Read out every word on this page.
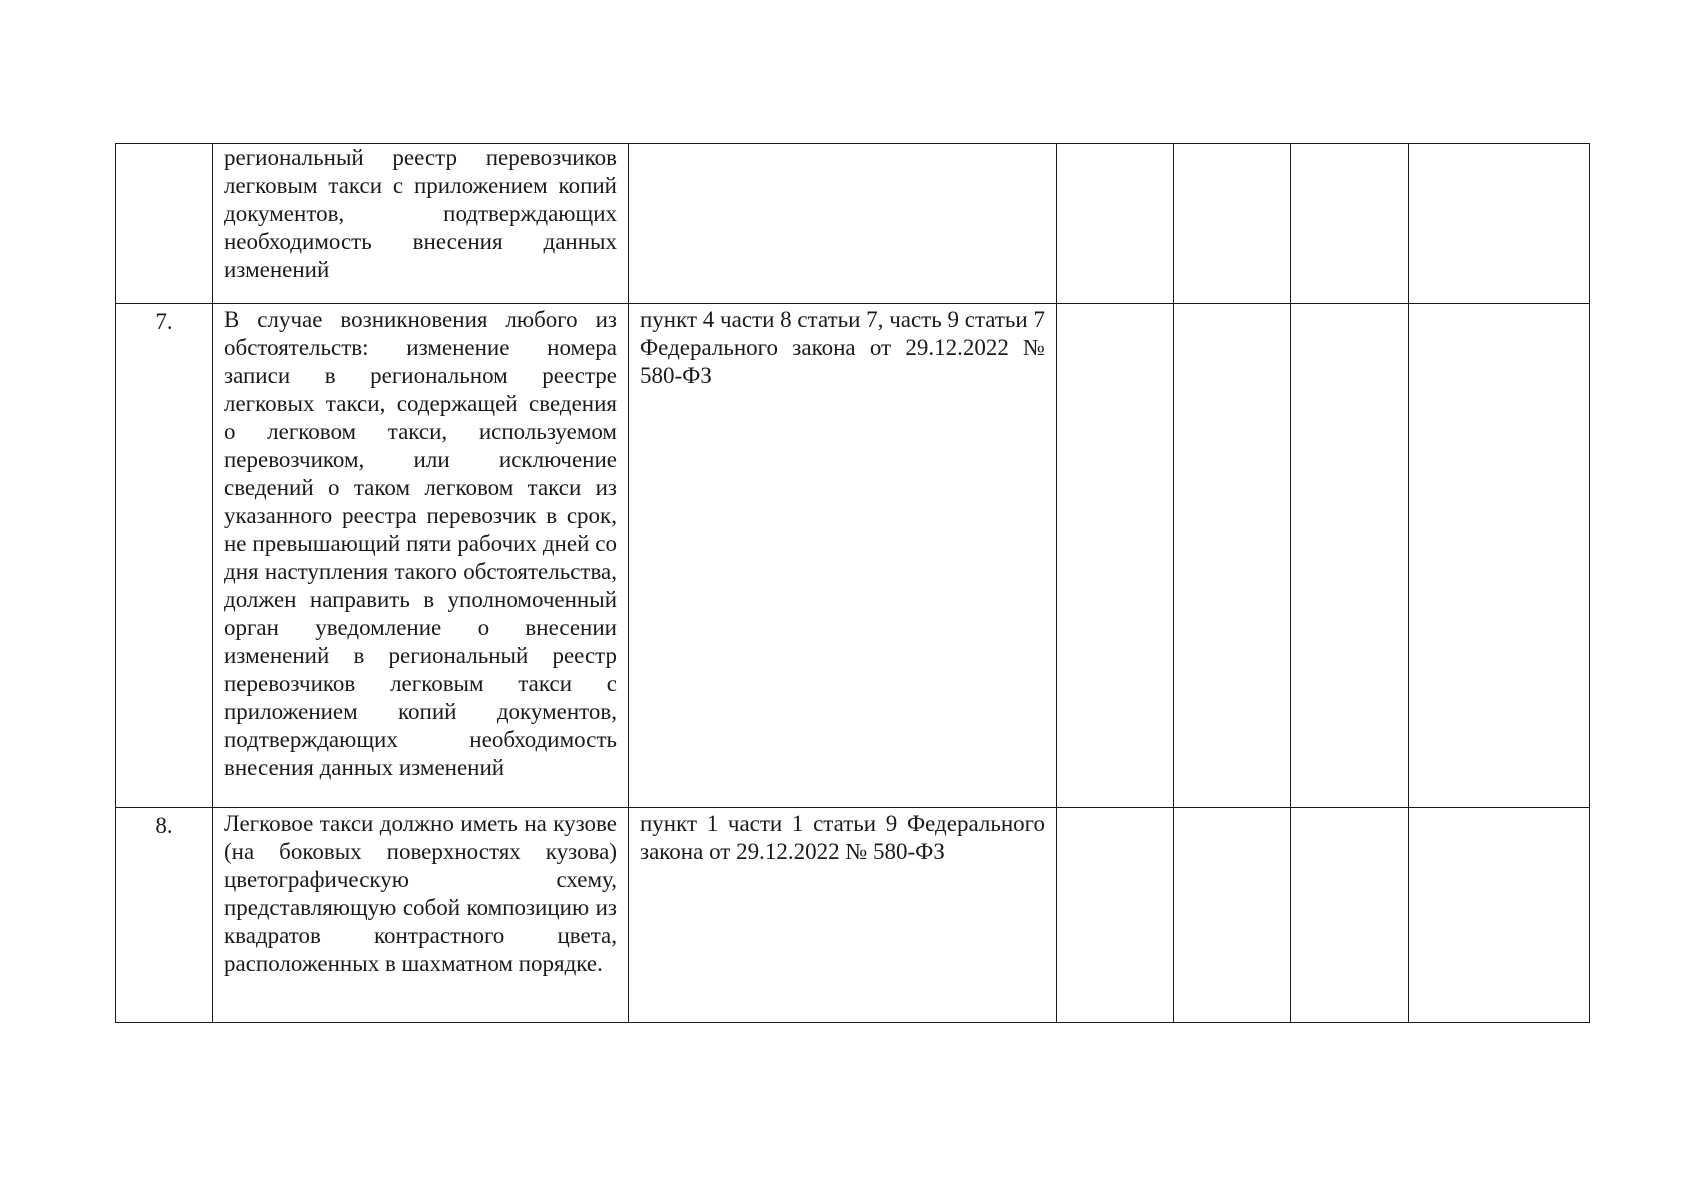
	региональный реестр перевозчиков легковым такси с приложением копий документов, подтверждающих необходимость внесения данных изменений					
7.	В случае возникновения любого из обстоятельств: изменение номера записи в региональном реестре легковых такси, содержащей сведения о легковом такси, используемом перевозчиком, или исключение сведений о таком легковом такси из указанного реестра перевозчик в срок, не превышающий пяти рабочих дней со дня наступления такого обстоятельства, должен направить в уполномоченный орган уведомление о внесении изменений в региональный реестр перевозчиков легковым такси с приложением копий документов, подтверждающих необходимость внесения данных изменений	пункт 4 части 8 статьи 7, часть 9 статьи 7 Федерального закона от 29.12.2022 № 580-ФЗ				
8.	Легковое такси должно иметь на кузове (на боковых поверхностях кузова) цветографическую схему, представляющую собой композицию из квадратов контрастного цвета, расположенных в шахматном порядке.	пункт 1 части 1 статьи 9 Федерального закона от 29.12.2022 № 580-ФЗ				
